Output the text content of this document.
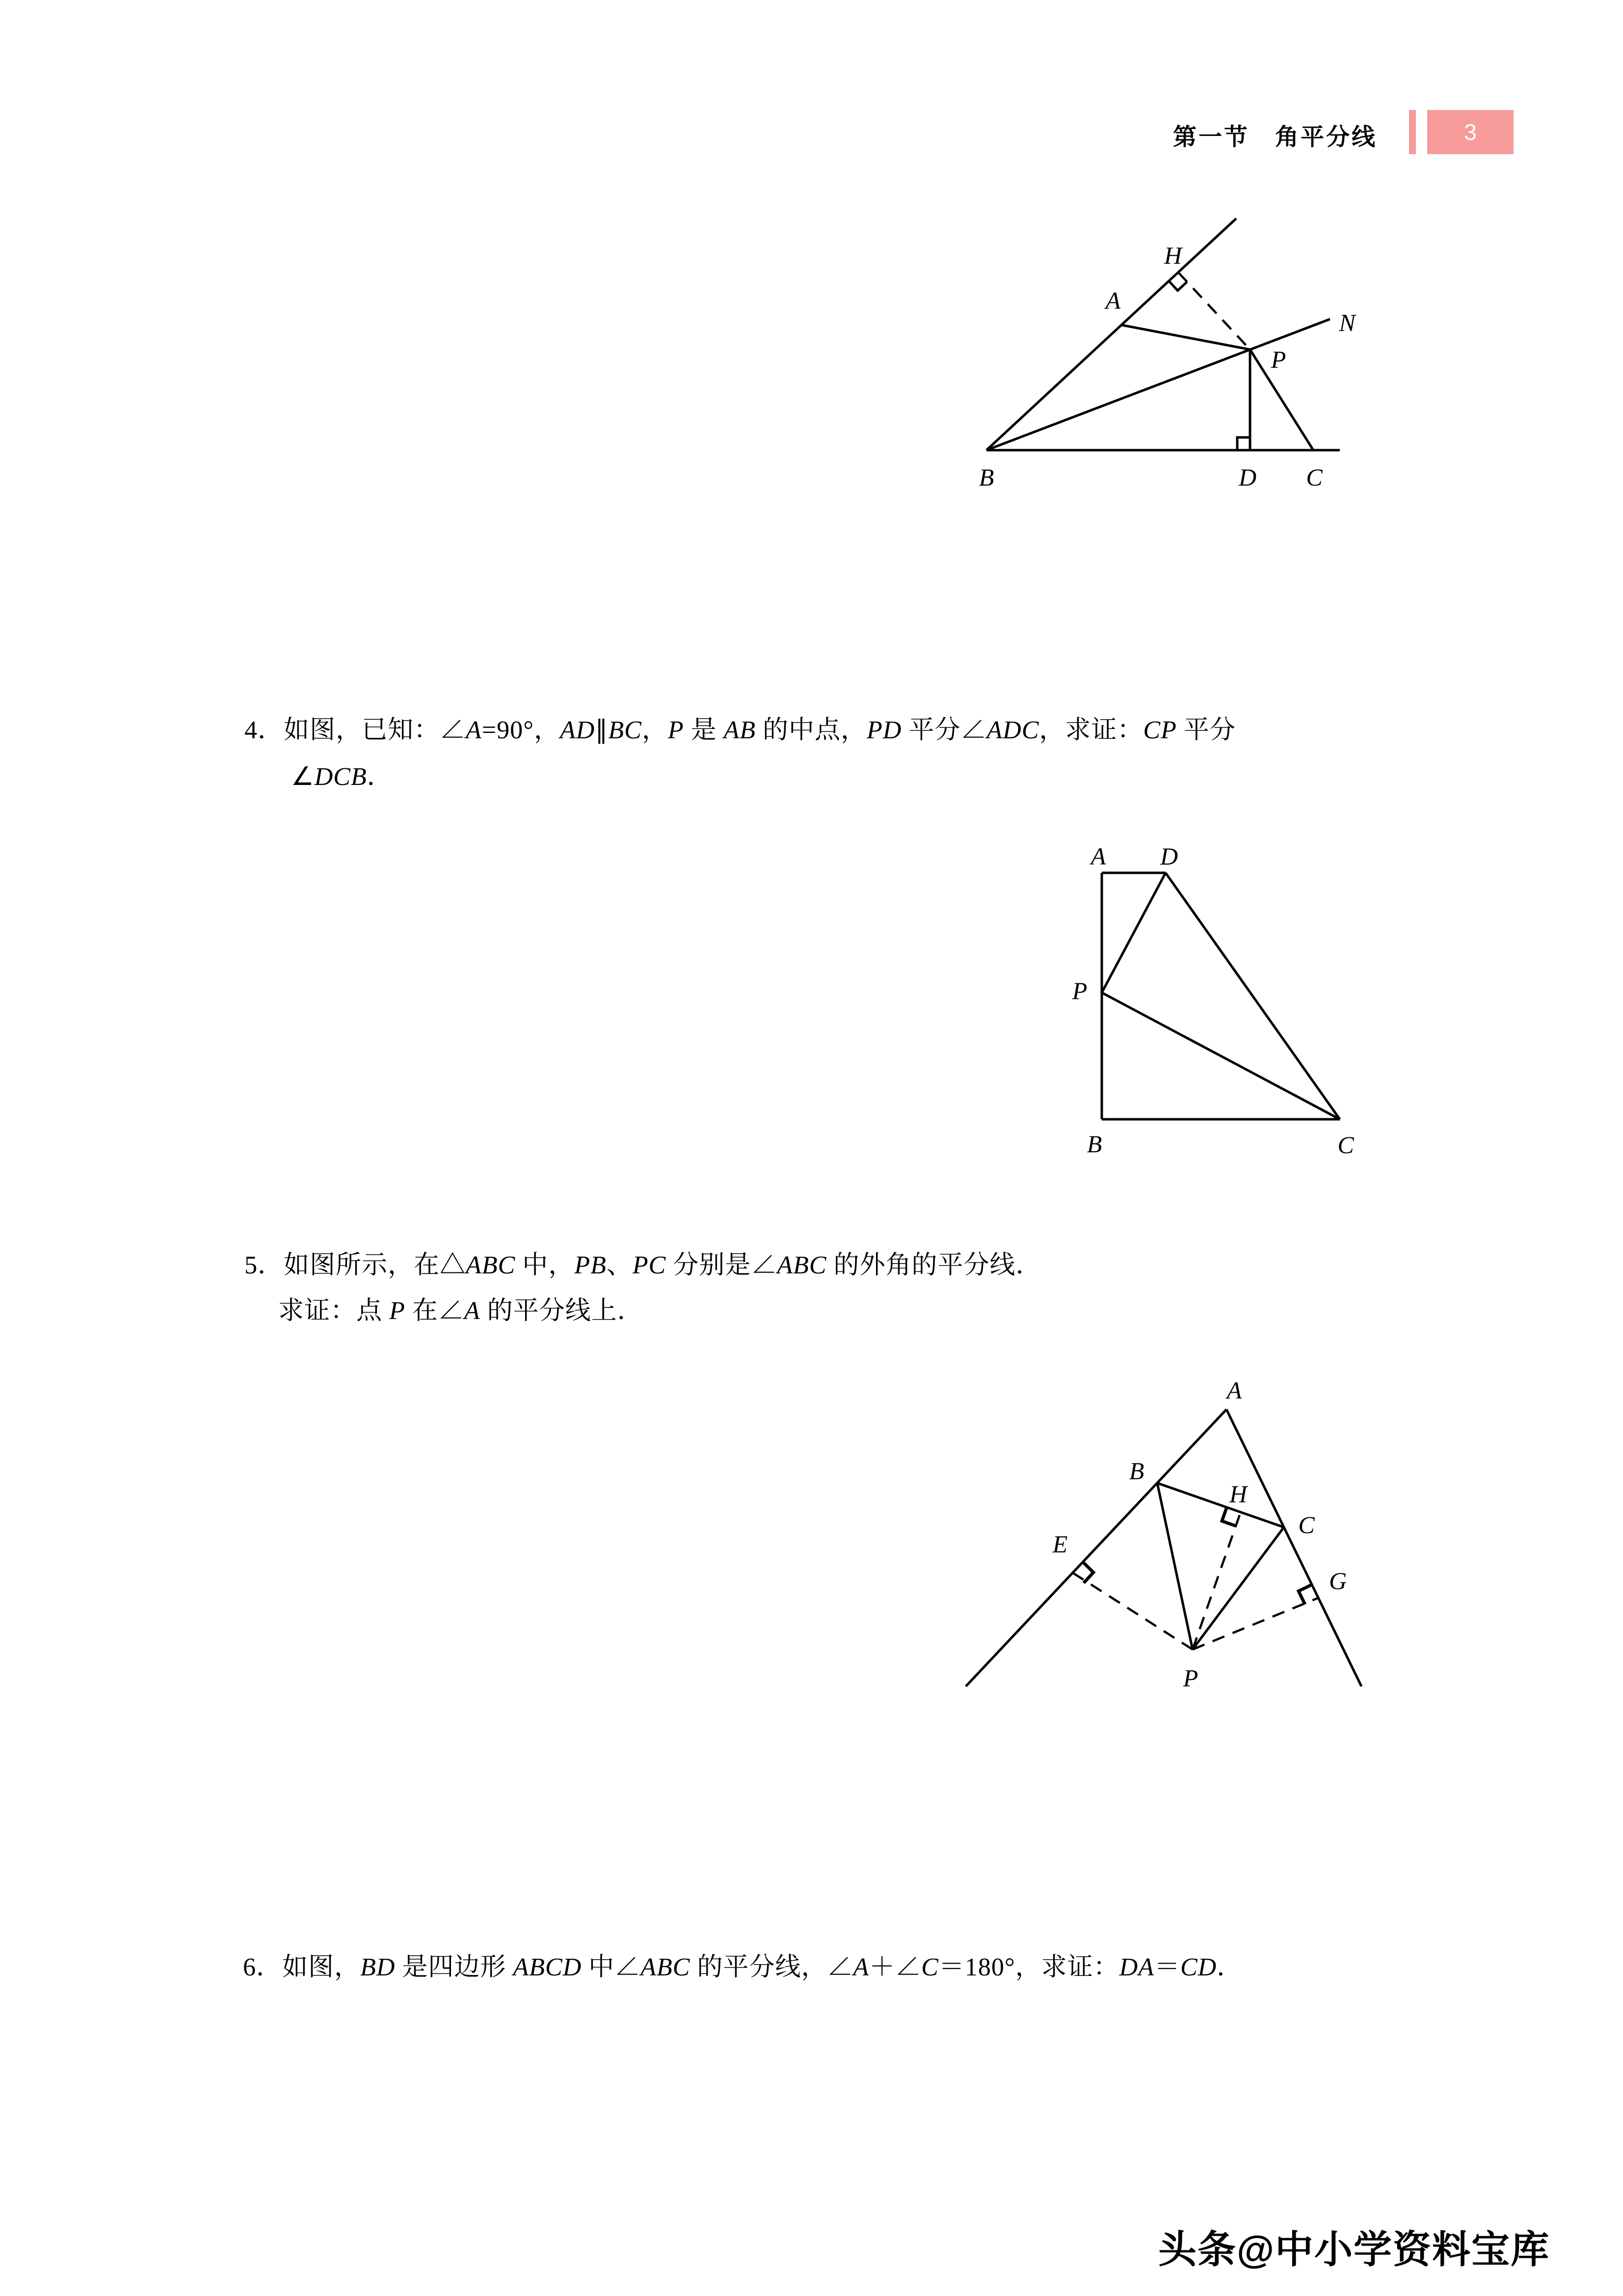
第一节　角平分线	3
H
A
N
P
B	D C
4．如图，已知：∠A=90°，AD∥BC，P 是 AB 的中点，PD 平分∠ADC，求证：CP 平分
∠DCB．
A D
P
B	C
5．如图所示，在△ABC 中，PB、PC 分别是∠ABC 的外角的平分线．
求证：点 P 在∠A 的平分线上．
A
B
H
C
E
G
P
6．如图，BD 是四边形 ABCD 中∠ABC 的平分线，∠A＋∠C＝180°，求证：DA＝CD．
头条@中小学资料宝库
